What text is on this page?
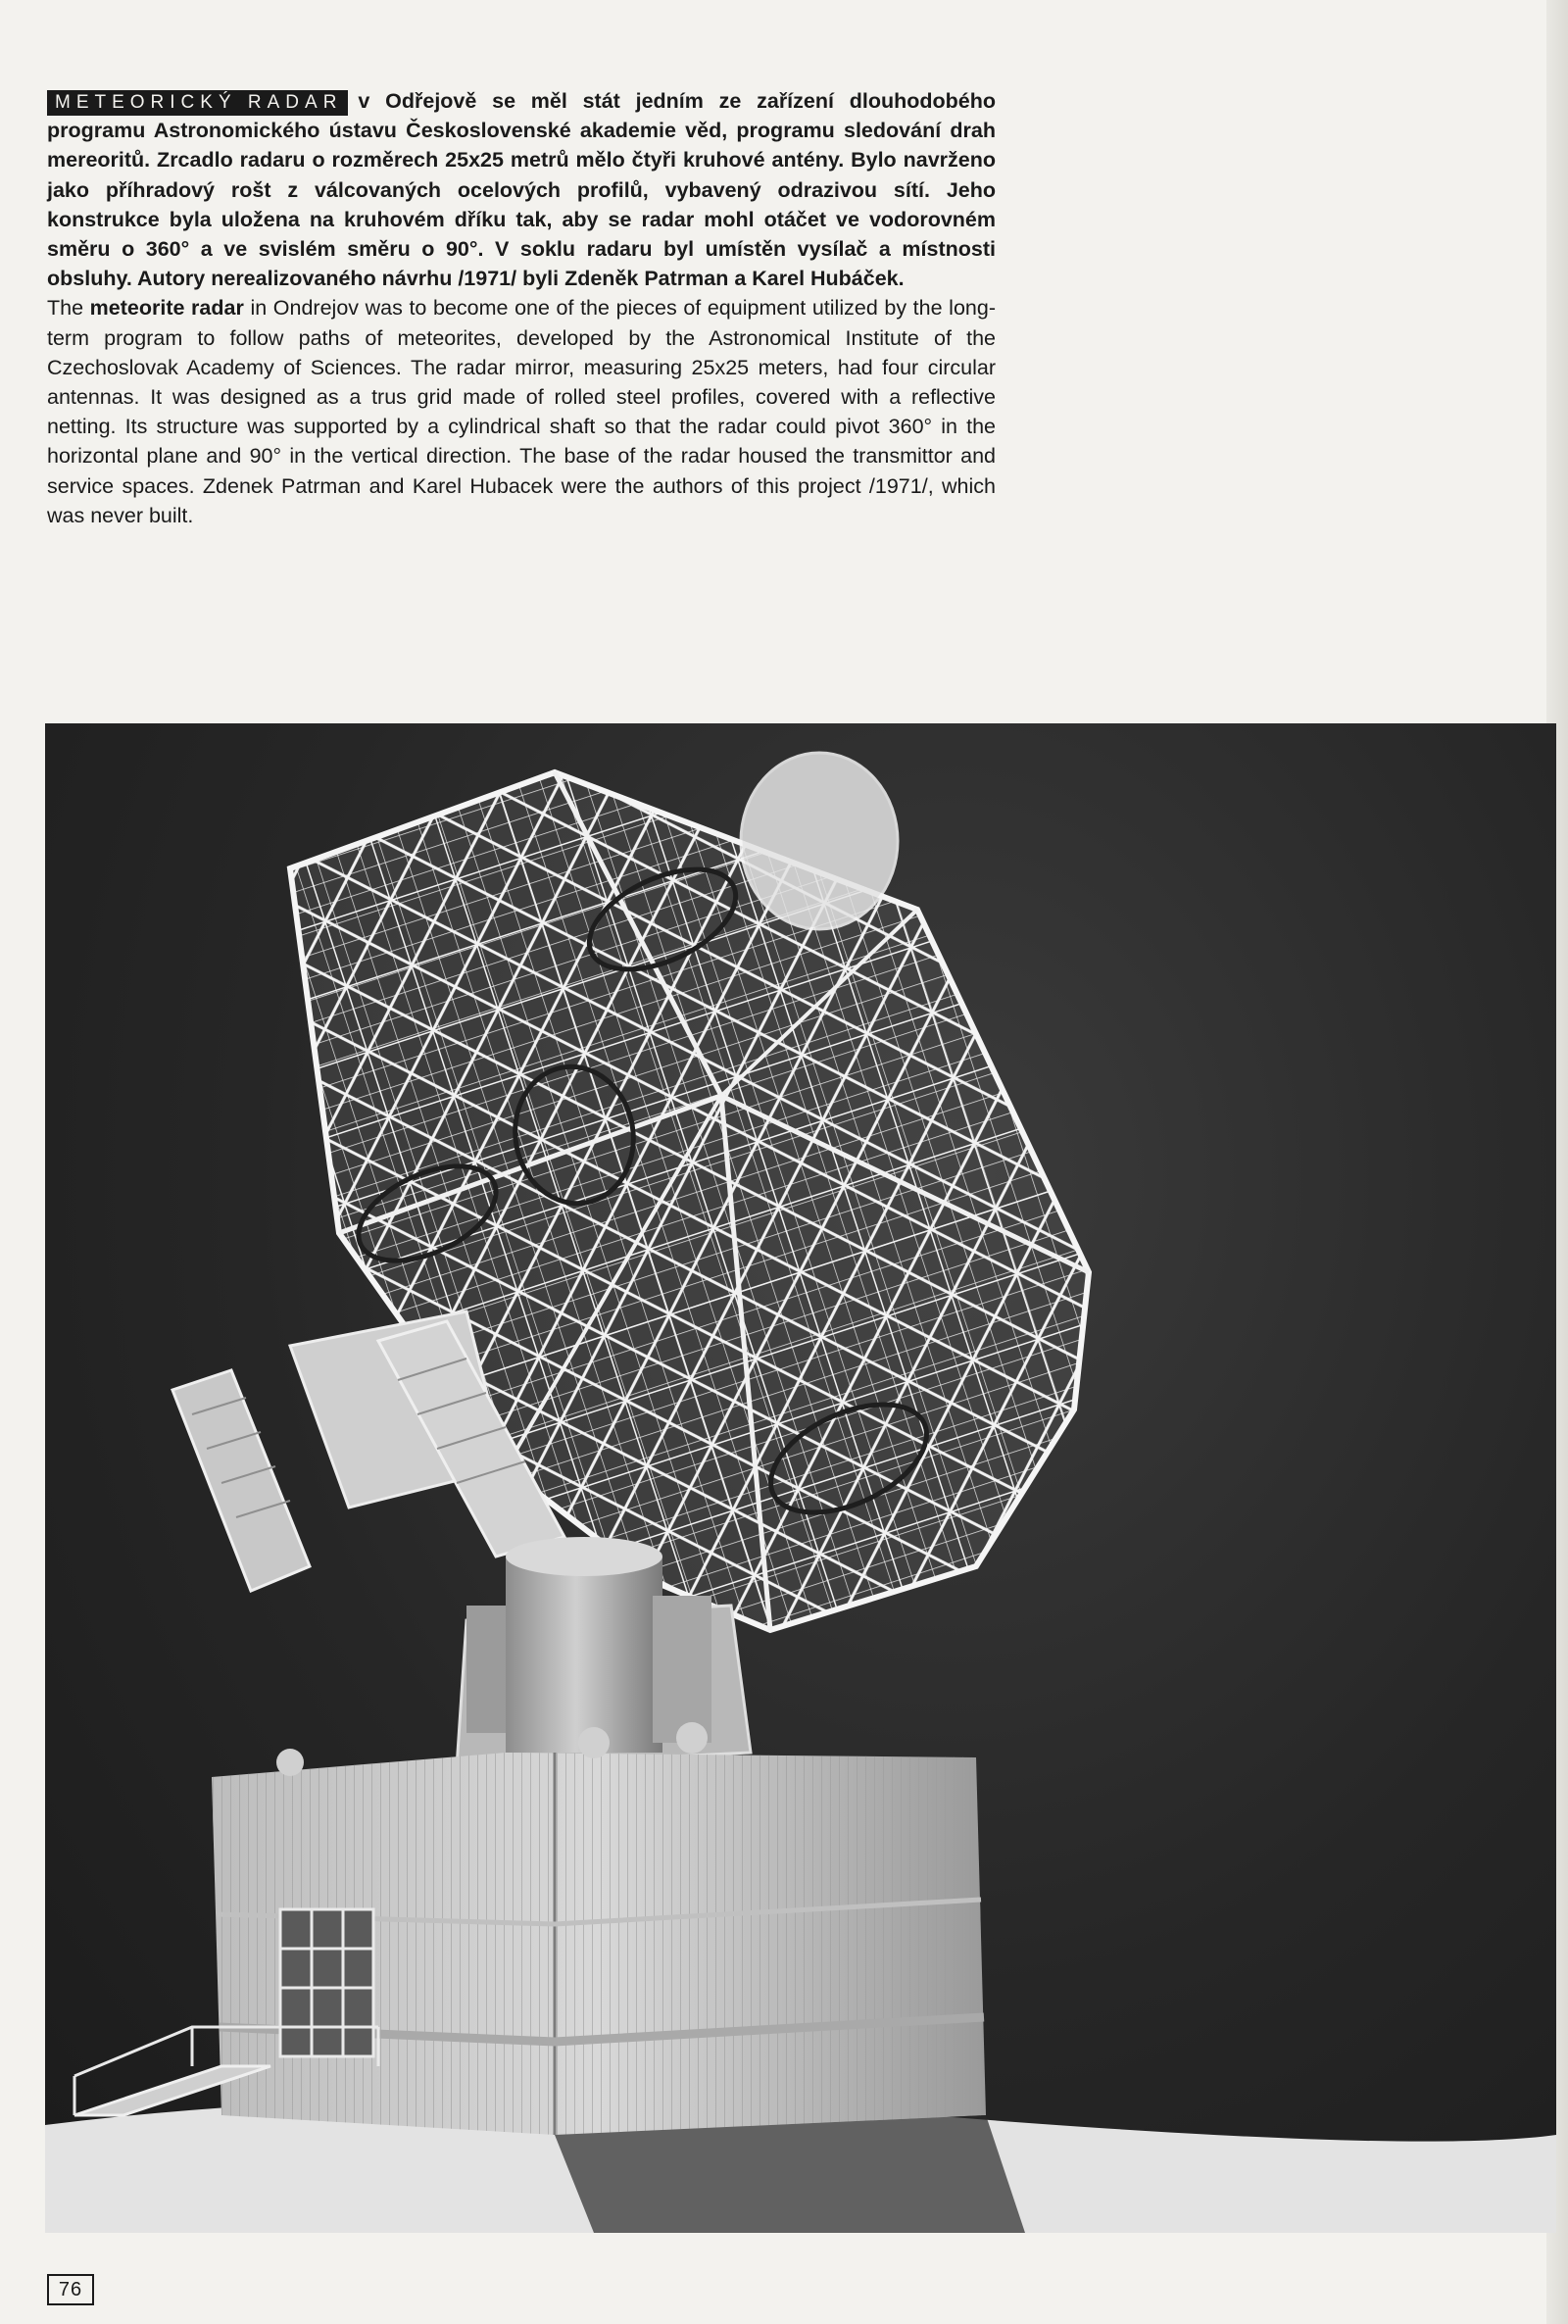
METEORICKÝ RADAR v Odřejově se měl stát jedním ze zařízení dlouhodobého programu Astronomického ústavu Československé akademie věd, programu sledování drah mereoritů. Zrcadlo radaru o rozměrech 25x25 metrů mělo čtyři kruhové antény. Bylo navrženo jako příhradový rošt z válcovaných ocelových profilů, vybavený odrazivou sítí. Jeho konstrukce byla uložena na kruhovém dříku tak, aby se radar mohl otáčet ve vodorovném směru o 360° a ve svislém směru o 90°. V soklu radaru byl umístěn vysílač a místnosti obsluhy. Autory nerealizovaného návrhu /1971/ byli Zdeněk Patrman a Karel Hubáček.

The meteorite radar in Ondrejov was to become one of the pieces of equipment utilized by the long-term program to follow paths of meteorites, developed by the Astronomical Institute of the Czechoslovak Academy of Sciences. The radar mirror, measuring 25x25 meters, had four circular antennas. It was designed as a trus grid made of rolled steel profiles, covered with a reflective netting. Its structure was supported by a cylindrical shaft so that the radar could pivot 360° in the horizontal plane and 90° in the vertical direction. The base of the radar housed the transmittor and service spaces. Zdenek Patrman and Karel Hubacek were the authors of this project /1971/, which was never built.

76
